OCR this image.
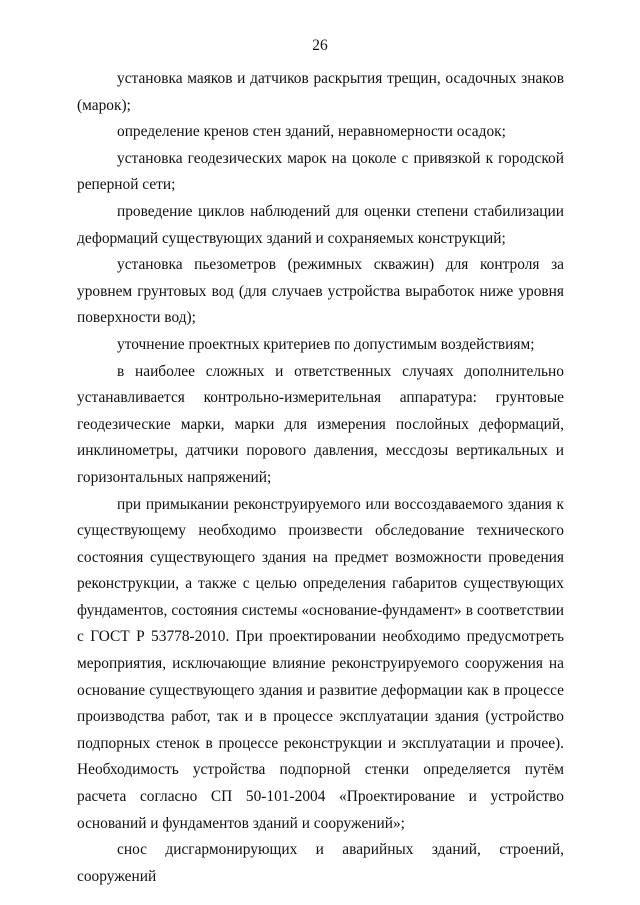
26

установка маяков и датчиков раскрытия трещин, осадочных знаков (марок);

определение кренов стен зданий, неравномерности осадок;

установка геодезических марок на цоколе с привязкой к городской реперной сети;

проведение циклов наблюдений для оценки степени стабилизации деформаций существующих зданий и сохраняемых конструкций;

установка пьезометров (режимных скважин) для контроля за уровнем грунтовых вод (для случаев устройства выработок ниже уровня поверхности вод);

уточнение проектных критериев по допустимым воздействиям;

в наиболее сложных и ответственных случаях дополнительно устанавливается контрольно-измерительная аппаратура: грунтовые геодезические марки, марки для измерения послойных деформаций, инклинометры, датчики порового давления, мессдозы вертикальных и горизонтальных напряжений;

при примыкании реконструируемого или воссоздаваемого здания к существующему необходимо произвести обследование технического состояния существующего здания на предмет возможности проведения реконструкции, а также с целью определения габаритов существующих фундаментов, состояния системы «основание-фундамент» в соответствии с ГОСТ Р 53778-2010. При проектировании необходимо предусмотреть мероприятия, исключающие влияние реконструируемого сооружения на основание существующего здания и развитие деформации как в процессе производства работ, так и в процессе эксплуатации здания (устройство подпорных стенок в процессе реконструкции и эксплуатации и прочее). Необходимость устройства подпорной стенки определяется путём расчета согласно СП 50-101-2004 «Проектирование и устройство оснований и фундаментов зданий и сооружений»;

снос дисгармонирующих и аварийных зданий, строений, сооружений
